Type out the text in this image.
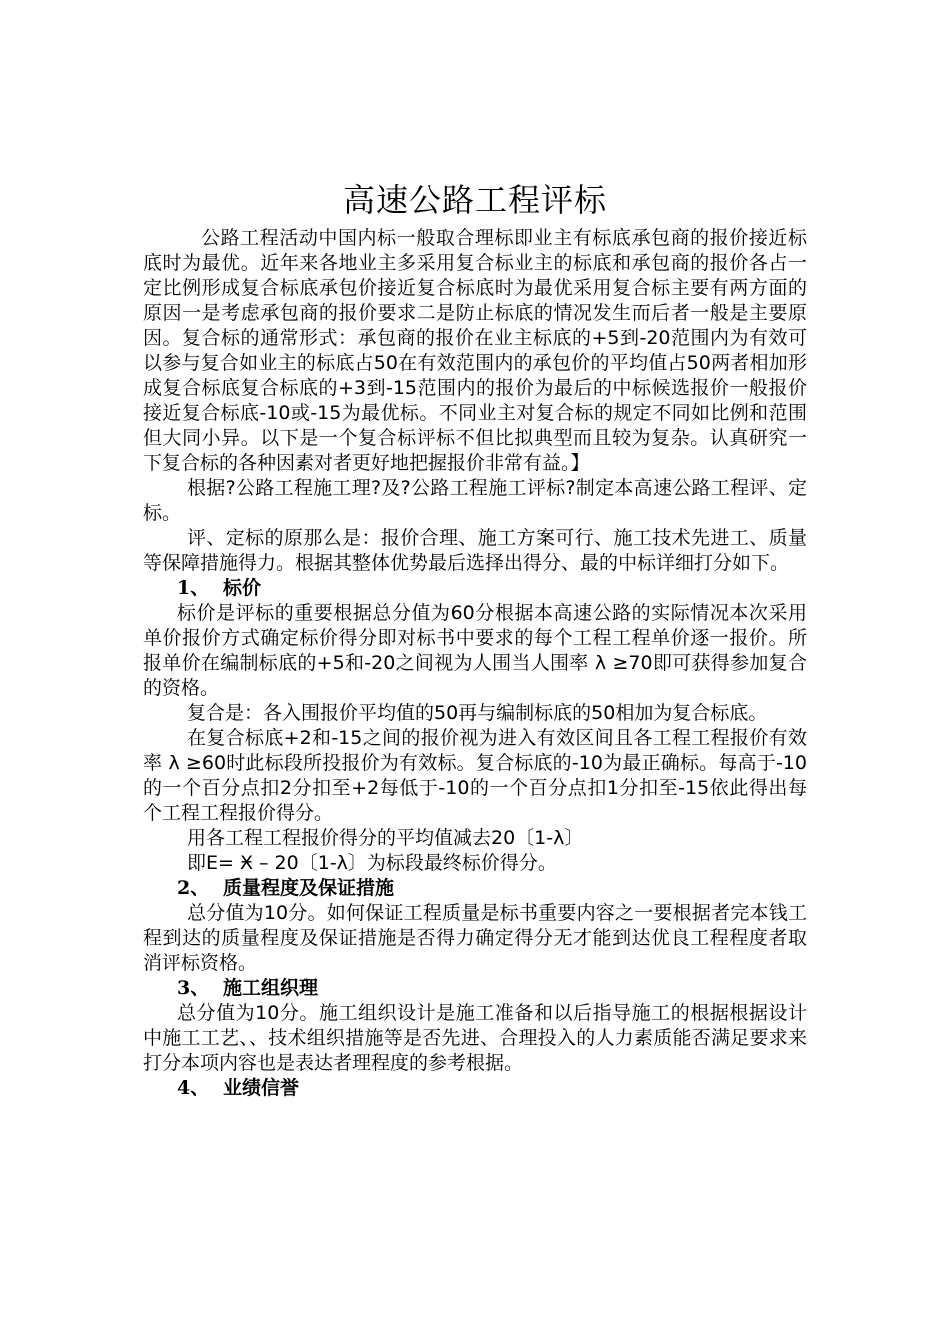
高速公路工程评标

公路工程活动中国内标一般取合理标即业主有标底承包商的报价接近标底时为最优。近年来各地业主多采用复合标业主的标底和承包商的报价各占一定比例形成复合标底承包价接近复合标底时为最优采用复合标主要有两方面的原因一是考虑承包商的报价要求二是防止标底的情况发生而后者一般是主要原因。复合标的通常形式：承包商的报价在业主标底的+5到-20范围内为有效可以参与复合如业主的标底占50在有效范围内的承包价的平均值占50两者相加形成复合标底复合标底的+3到-15范围内的报价为最后的中标候选报价一般报价接近复合标底-10或-15为最优标。不同业主对复合标的规定不同如比例和范围但大同小异。以下是一个复合标评标不但比拟典型而且较为复杂。认真研究一下复合标的各种因素对者更好地把握报价非常有益。】

根据?公路工程施工理?及?公路工程施工评标?制定本高速公路工程评、定标。

评、定标的原那么是：报价合理、施工方案可行、施工技术先进工、质量等保障措施得力。根据其整体优势最后选择出得分、最的中标详细打分如下。

1、 标价

标价是评标的重要根据总分值为60分根据本高速公路的实际情况本次采用单价报价方式确定标价得分即对标书中要求的每个工程工程单价逐一报价。所报单价在编制标底的+5和-20之间视为人围当人围率 λ ≥70即可获得参加复合的资格。

复合是：各入围报价平均值的50再与编制标底的50相加为复合标底。

在复合标底+2和-15之间的报价视为进入有效区间且各工程工程报价有效率 λ ≥60时此标段所投报价为有效标。复合标底的-10为最正确标。每高于-10的一个百分点扣2分扣至+2每低于-10的一个百分点扣1分扣至-15依此得出每个工程工程报价得分。

用各工程工程报价得分的平均值减去20〔1-λ〕

即E= Ӿ – 20〔1-λ〕为标段最终标价得分。

2、 质量程度及保证措施

总分值为10分。如何保证工程质量是标书重要内容之一要根据者完本钱工程到达的质量程度及保证措施是否得力确定得分无才能到达优良工程程度者取消评标资格。

3、 施工组织理

总分值为10分。施工组织设计是施工准备和以后指导施工的根据根据设计中施工工艺、、技术组织措施等是否先进、合理投入的人力素质能否满足要求来打分本项内容也是表达者理程度的参考根据。

4、 业绩信誉
